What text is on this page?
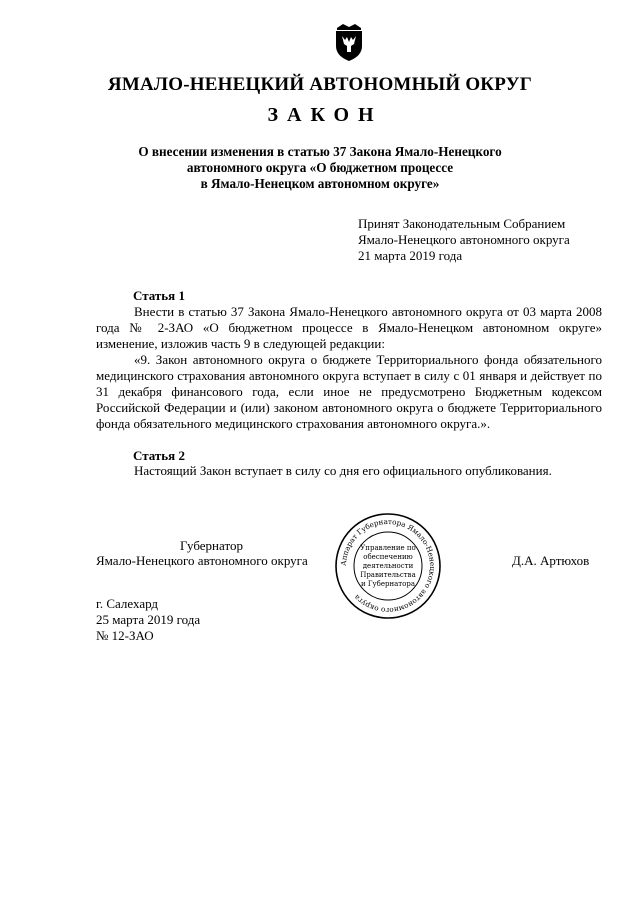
ЯМАЛО-НЕНЕЦКИЙ АВТОНОМНЫЙ ОКРУГ
ЗАКОН
О внесении изменения в статью 37 Закона Ямало-Ненецкого
автономного округа «О бюджетном процессе
в Ямало-Ненецком автономном округе»
Принят Законодательным Собранием
Ямало-Ненецкого автономного округа
21 марта 2019 года
Статья 1

Внести в статью 37 Закона Ямало-Ненецкого автономного округа от 03 марта 2008 года № 2-ЗАО «О бюджетном процессе в Ямало-Ненецком автономном округе» изменение, изложив часть 9 в следующей редакции:

«9. Закон автономного округа о бюджете Территориального фонда обязательного медицинского страхования автономного округа вступает в силу с 01 января и действует по 31 декабря финансового года, если иное не предусмотрено Бюджетным кодексом Российской Федерации и (или) законом автономного округа о бюджете Территориального фонда обязательного медицинского страхования автономного округа.».

Статья 2

Настоящий Закон вступает в силу со дня его официального опубликования.

Губернатор
Ямало-Ненецкого автономного округа	Д.А. Артюхов
Аппарат Губернатора Ямало-Ненецкого автономного округа
Управление по
обеспечению
деятельности
Правительства
и Губернатора
г. Салехард
25 марта 2019 года
№ 12-ЗАО
